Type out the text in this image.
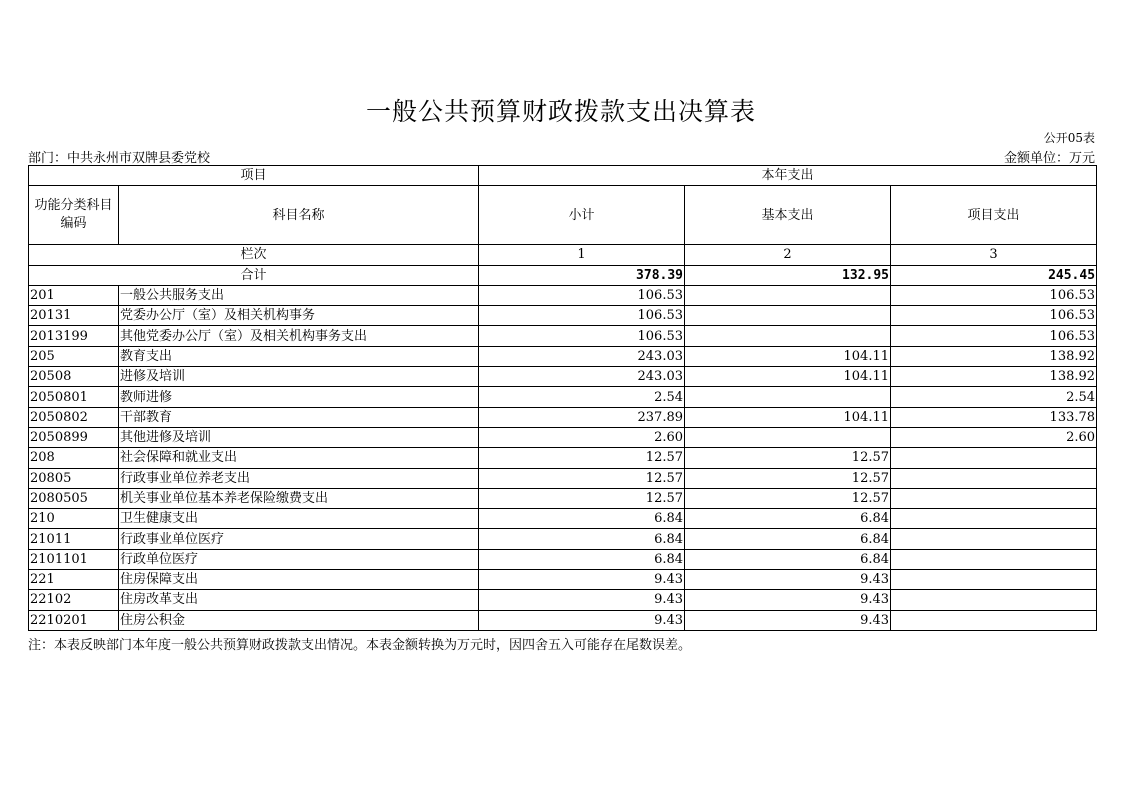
一般公共预算财政拨款支出决算表
公开05表
部门：中共永州市双牌县委党校	金额单位：万元
项目		本年支出		
功能分类科目编码	科目名称	小计	基本支出	项目支出
栏次		1	2	3
合计		378.39	132.95	245.45
201	一般公共服务支出	106.53		106.53
20131	党委办公厅（室）及相关机构事务	106.53		106.53
2013199	其他党委办公厅（室）及相关机构事务支出	106.53		106.53
205	教育支出	243.03	104.11	138.92
20508	进修及培训	243.03	104.11	138.92
2050801	教师进修	2.54		2.54
2050802	干部教育	237.89	104.11	133.78
2050899	其他进修及培训	2.60		2.60
208	社会保障和就业支出	12.57	12.57	
20805	行政事业单位养老支出	12.57	12.57	
2080505	机关事业单位基本养老保险缴费支出	12.57	12.57	
210	卫生健康支出	6.84	6.84	
21011	行政事业单位医疗	6.84	6.84	
2101101	行政单位医疗	6.84	6.84	
221	住房保障支出	9.43	9.43	
22102	住房改革支出	9.43	9.43	
2210201	住房公积金	9.43	9.43	
注：本表反映部门本年度一般公共预算财政拨款支出情况。本表金额转换为万元时，因四舍五入可能存在尾数误差。
